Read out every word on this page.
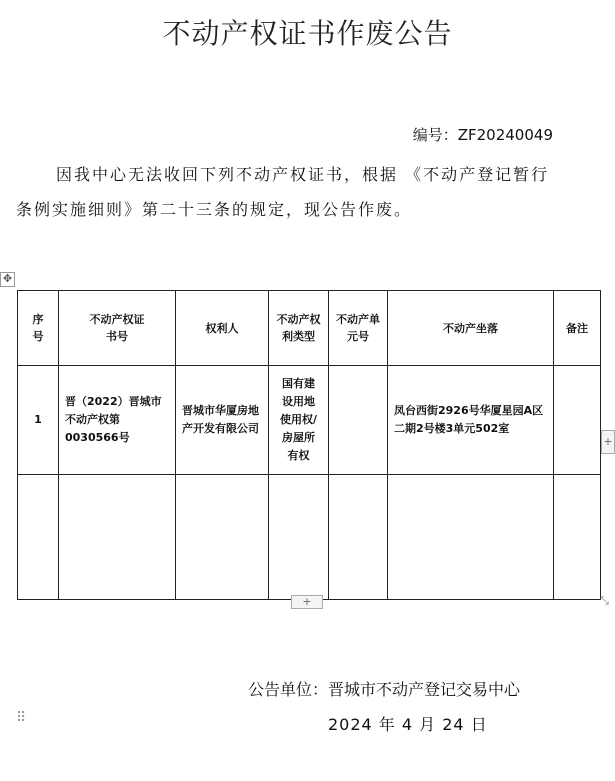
不动产权证书作废公告
编号：ZF20240049
因我中心无法收回下列不动产权证书，根据 《不动产登记暂行条例实施细则》第二十三条的规定，现公告作废。
✥
序号	不动产权证书号	权利人	不动产权利类型	不动产单元号	不动产坐落	备注
1	晋（2022）晋城市不动产权第0030566号	晋城市华厦房地产开发有限公司	国有建设用地使用权/房屋所有权		凤台西街2926号华厦星园A区二期2号楼3单元502室	

+
+	⤡
公告单位：晋城市不动产登记交易中心
⠿	2024 年 4 月 24 日
